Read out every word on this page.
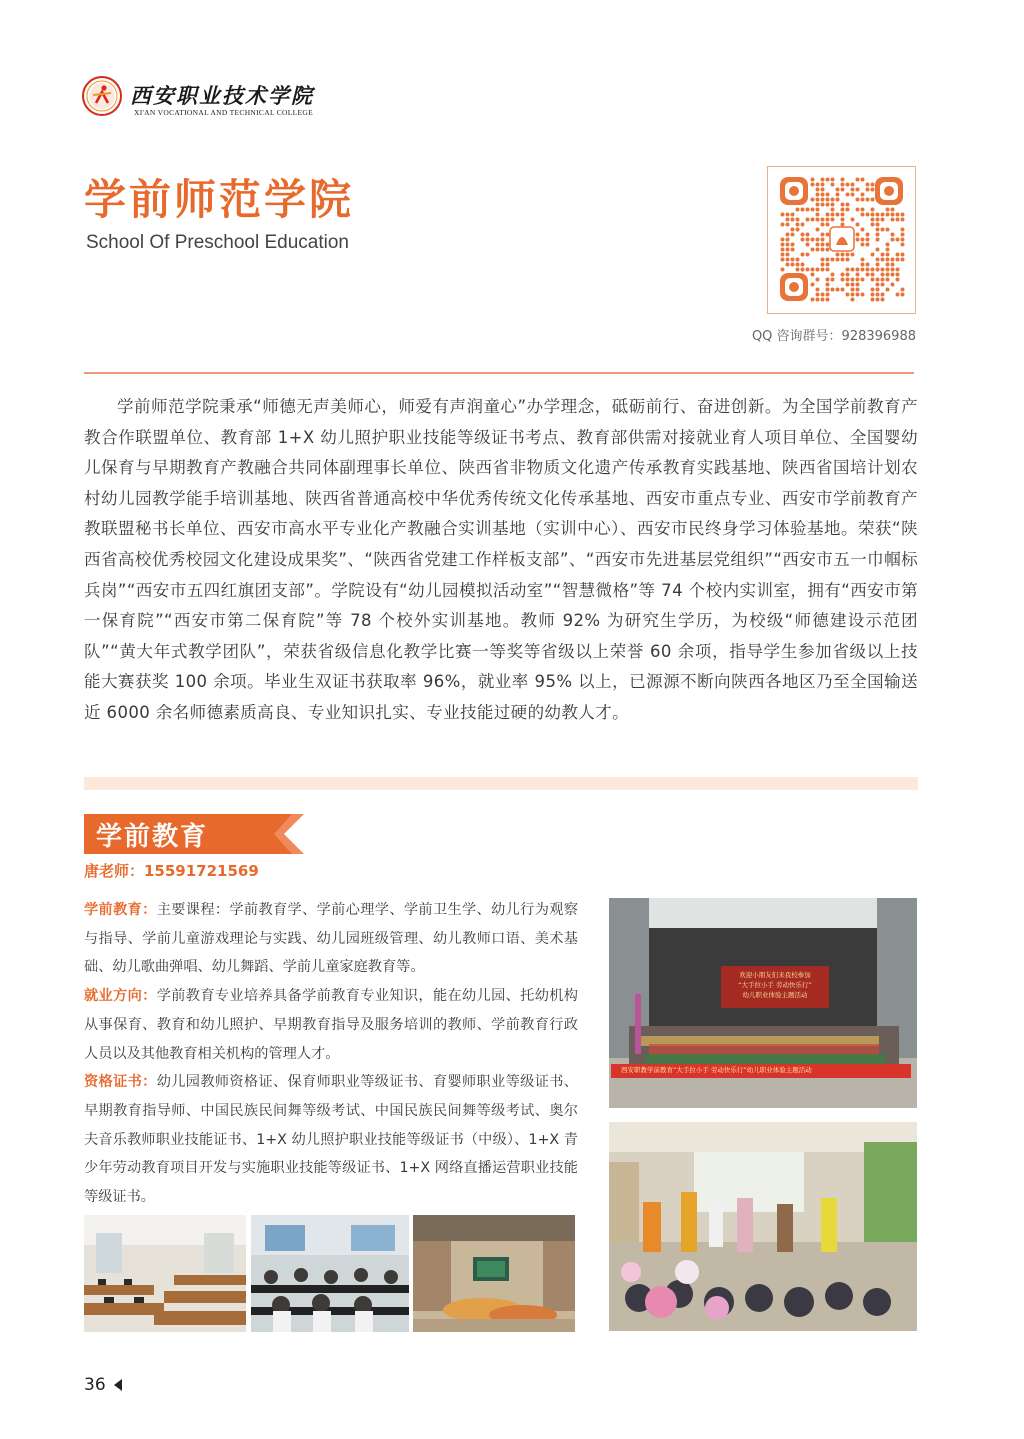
西安职业技术学院
XI'AN VOCATIONAL AND TECHNICAL COLLEGE
学前师范学院
School Of Preschool Education
QQ 咨询群号：928396988
学前师范学院秉承“师德无声美师心，师爱有声润童心”办学理念，砥砺前行、奋进创新。为全国学前教育产教合作联盟单位、教育部 1+X 幼儿照护职业技能等级证书考点、教育部供需对接就业育人项目单位、全国婴幼儿保育与早期教育产教融合共同体副理事长单位、陕西省非物质文化遗产传承教育实践基地、陕西省国培计划农村幼儿园教学能手培训基地、陕西省普通高校中华优秀传统文化传承基地、西安市重点专业、西安市学前教育产教联盟秘书长单位、西安市高水平专业化产教融合实训基地（实训中心）、西安市民终身学习体验基地。荣获“陕西省高校优秀校园文化建设成果奖”、“陕西省党建工作样板支部”、“西安市先进基层党组织”“西安市五一巾帼标兵岗”“西安市五四红旗团支部”。学院设有“幼儿园模拟活动室”“智慧微格”等 74 个校内实训室，拥有“西安市第一保育院”“西安市第二保育院”等 78 个校外实训基地。教师 92% 为研究生学历，为校级“师德建设示范团队”“黄大年式教学团队”，荣获省级信息化教学比赛一等奖等省级以上荣誉 60 余项，指导学生参加省级以上技能大赛获奖 100 余项。毕业生双证书获取率 96%，就业率 95% 以上，已源源不断向陕西各地区乃至全国输送近 6000 余名师德素质高良、专业知识扎实、专业技能过硬的幼教人才。
学前教育
唐老师：15591721569

学前教育：主要课程：学前教育学、学前心理学、学前卫生学、幼儿行为观察与指导、学前儿童游戏理论与实践、幼儿园班级管理、幼儿教师口语、美术基础、幼儿歌曲弹唱、幼儿舞蹈、学前儿童家庭教育等。

就业方向：学前教育专业培养具备学前教育专业知识，能在幼儿园、托幼机构从事保育、教育和幼儿照护、早期教育指导及服务培训的教师、学前教育行政人员以及其他教育相关机构的管理人才。

资格证书：幼儿园教师资格证、保育师职业等级证书、育婴师职业等级证书、早期教育指导师、中国民族民间舞等级考试、中国民族民间舞等级考试、奥尔夫音乐教师职业技能证书、1+X 幼儿照护职业技能等级证书（中级）、1+X 青少年劳动教育项目开发与实施职业技能等级证书、1+X 网络直播运营职业技能等级证书。

欢迎小朋友们来我校参加
“大手拉小手 劳动快乐行”
幼儿职业体验主题活动
西安职教学前教育“大手拉小手 劳动快乐行”幼儿职业体验主题活动
36
